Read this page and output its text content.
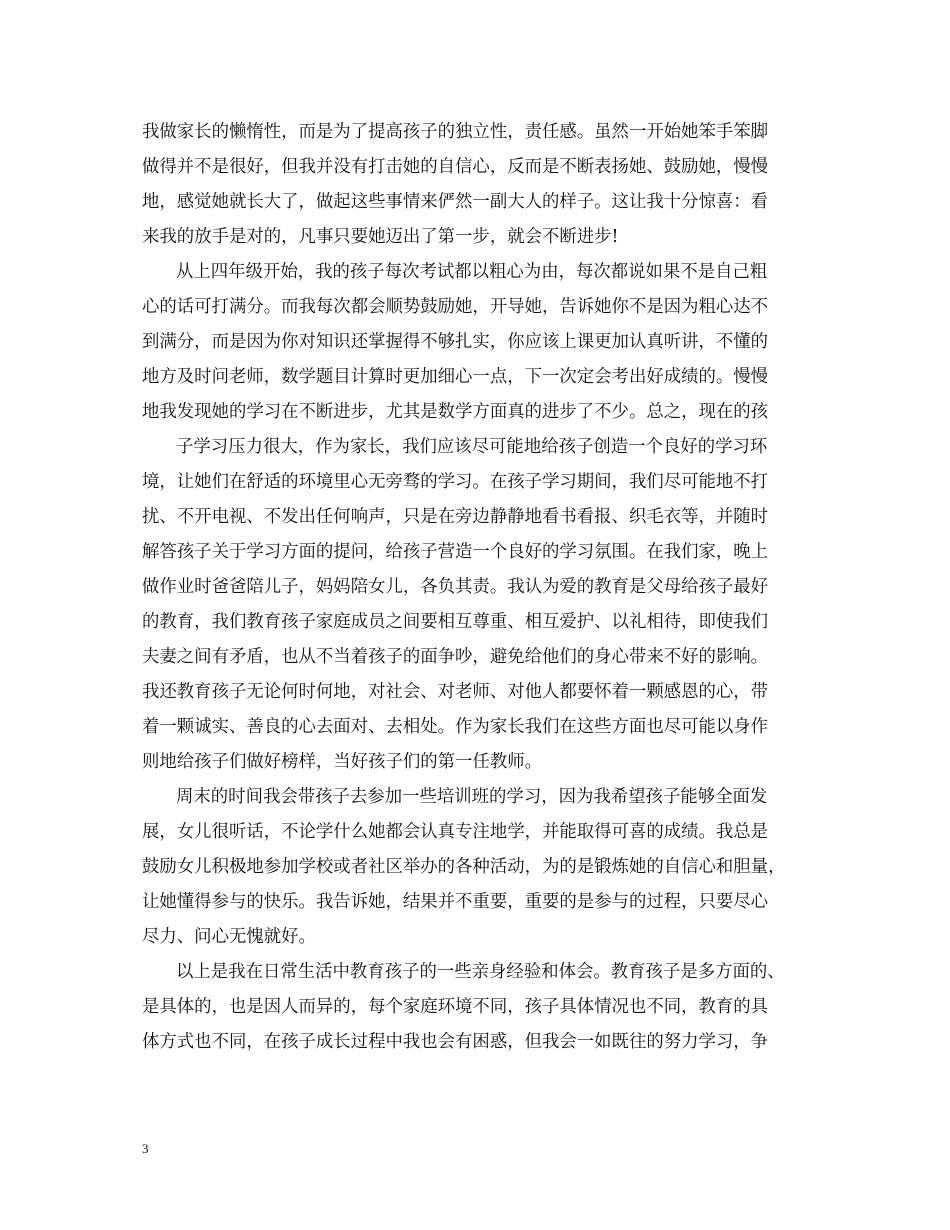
我做家长的懒惰性，而是为了提高孩子的独立性，责任感。虽然一开始她笨手笨脚
做得并不是很好，但我并没有打击她的自信心，反而是不断表扬她、鼓励她，慢慢
地，感觉她就长大了，做起这些事情来俨然一副大人的样子。这让我十分惊喜：看
来我的放手是对的，凡事只要她迈出了第一步，就会不断进步!
从上四年级开始，我的孩子每次考试都以粗心为由，每次都说如果不是自己粗
心的话可打满分。而我每次都会顺势鼓励她，开导她，告诉她你不是因为粗心达不
到满分，而是因为你对知识还掌握得不够扎实，你应该上课更加认真听讲，不懂的
地方及时问老师，数学题目计算时更加细心一点，下一次定会考出好成绩的。慢慢
地我发现她的学习在不断进步，尤其是数学方面真的进步了不少。总之，现在的孩
子学习压力很大，作为家长，我们应该尽可能地给孩子创造一个良好的学习环
境，让她们在舒适的环境里心无旁骛的学习。在孩子学习期间，我们尽可能地不打
扰、不开电视、不发出任何响声，只是在旁边静静地看书看报、织毛衣等，并随时
解答孩子关于学习方面的提问，给孩子营造一个良好的学习氛围。在我们家，晚上
做作业时爸爸陪儿子，妈妈陪女儿，各负其责。我认为爱的教育是父母给孩子最好
的教育，我们教育孩子家庭成员之间要相互尊重、相互爱护、以礼相待，即使我们
夫妻之间有矛盾，也从不当着孩子的面争吵，避免给他们的身心带来不好的影响。
我还教育孩子无论何时何地，对社会、对老师、对他人都要怀着一颗感恩的心，带
着一颗诚实、善良的心去面对、去相处。作为家长我们在这些方面也尽可能以身作
则地给孩子们做好榜样，当好孩子们的第一任教师。
周末的时间我会带孩子去参加一些培训班的学习，因为我希望孩子能够全面发
展，女儿很听话，不论学什么她都会认真专注地学，并能取得可喜的成绩。我总是
鼓励女儿积极地参加学校或者社区举办的各种活动，为的是锻炼她的自信心和胆量，
让她懂得参与的快乐。我告诉她，结果并不重要，重要的是参与的过程，只要尽心
尽力、问心无愧就好。
以上是我在日常生活中教育孩子的一些亲身经验和体会。教育孩子是多方面的、
是具体的，也是因人而异的，每个家庭环境不同，孩子具体情况也不同，教育的具
体方式也不同，在孩子成长过程中我也会有困惑，但我会一如既往的努力学习，争
3
